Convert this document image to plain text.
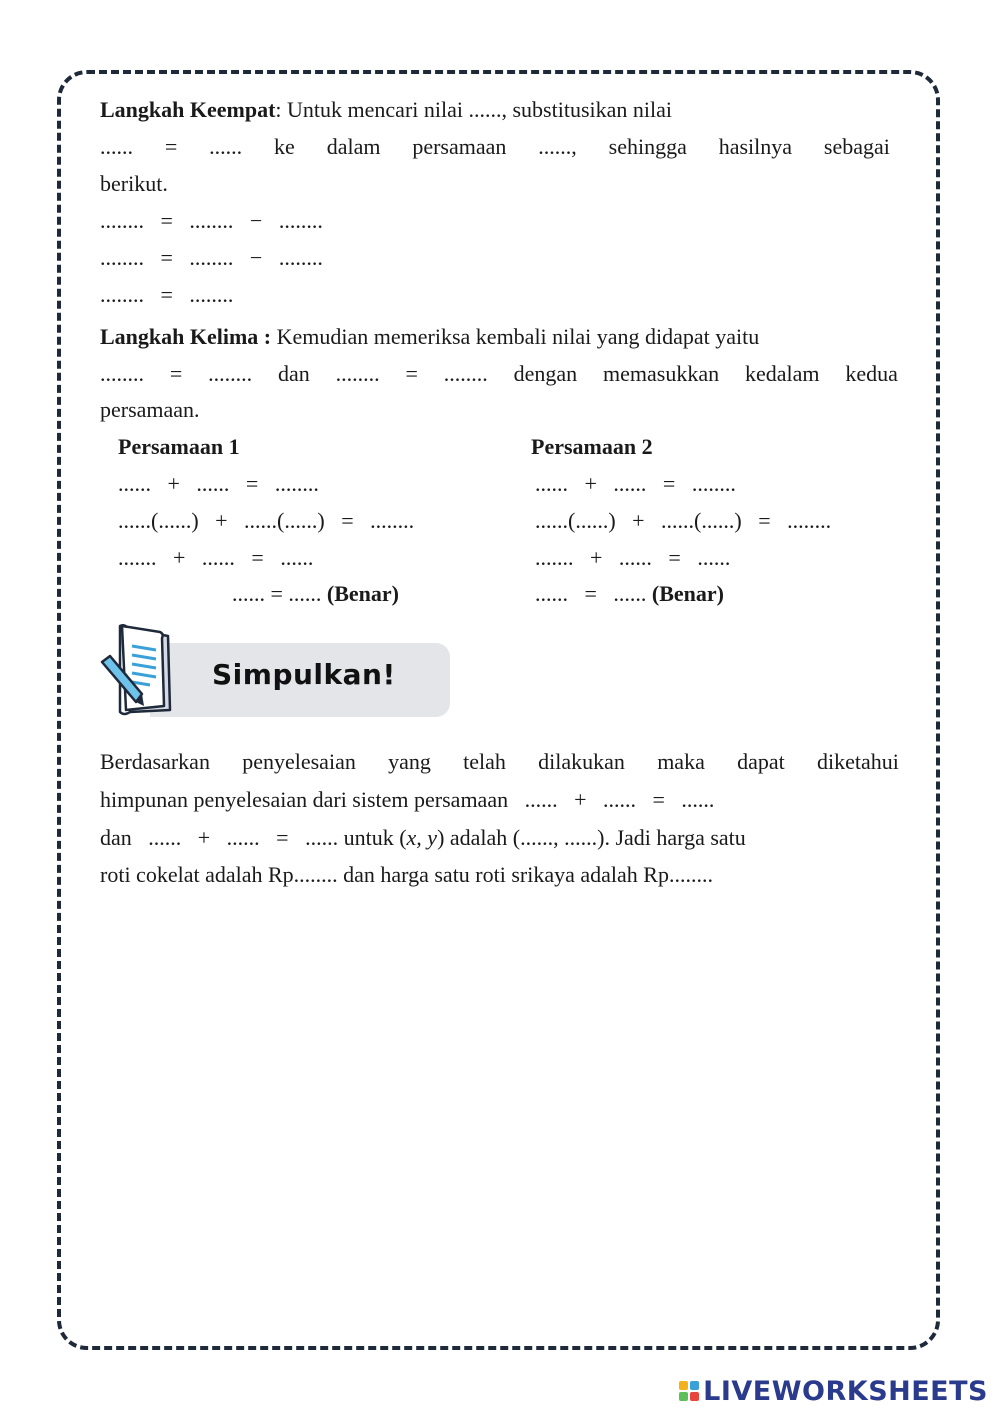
Langkah Keempat: Untuk mencari nilai ......, substitusikan nilai
...... = ...... ke dalam persamaan ......, sehingga hasilnya sebagai
berikut.
........   =   ........   −   ........
........   =   ........   −   ........
........   =   ........
Langkah Kelima : Kemudian memeriksa kembali nilai yang didapat yaitu
........ = ........ dan ........ = ........ dengan memasukkan kedalam kedua
persamaan.
Persamaan 1
......   +   ......   =   ........
......(......)   +   ......(......)   =   ........
.......   +   ......   =   ......
...... = ...... (Benar)
Persamaan 2
......   +   ......   =   ........
......(......)   +   ......(......)   =   ........
.......   +   ......   =   ......
......   =   ...... (Benar)
Simpulkan!
Berdasarkan penyelesaian yang telah dilakukan maka dapat diketahui
himpunan penyelesaian dari sistem persamaan   ......   +   ......   =   ......
dan   ......   +   ......   =   ...... untuk (x, y) adalah (......, ......). Jadi harga satu
roti cokelat adalah Rp........ dan harga satu roti srikaya adalah Rp........
LIVEWORKSHEETS
